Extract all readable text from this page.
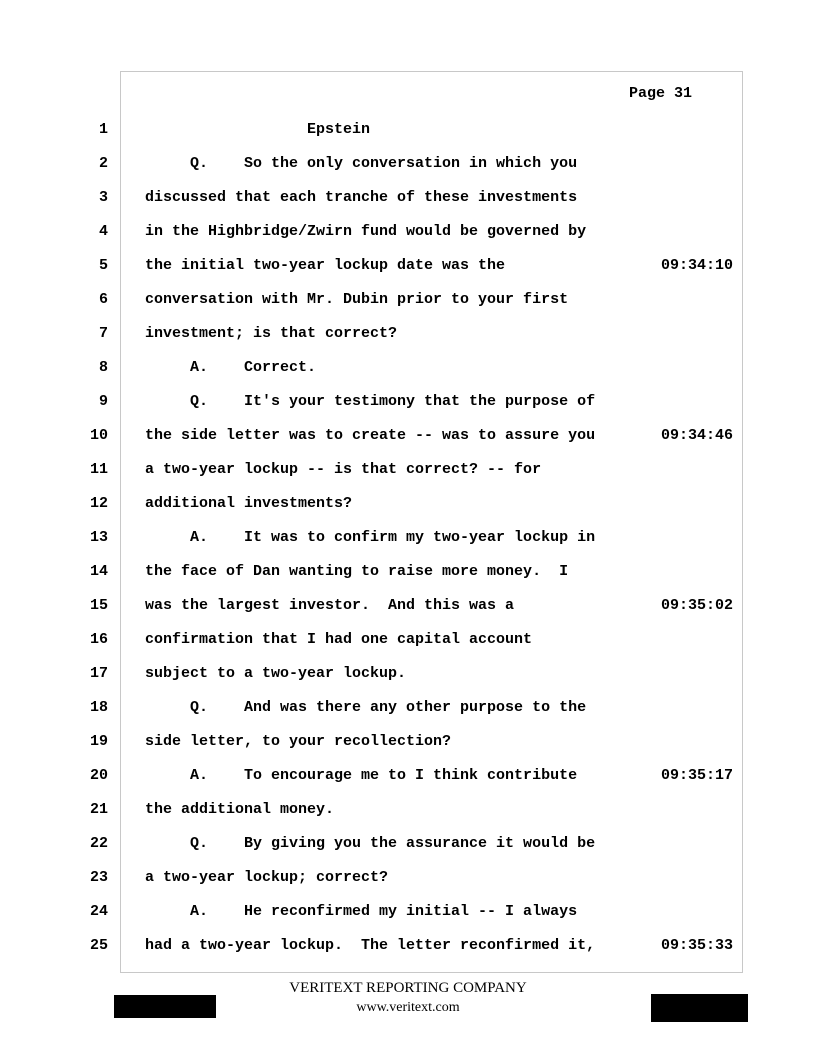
Page 31
1 Epstein
2 Q.    So the only conversation in which you
3 discussed that each tranche of these investments
4 in the Highbridge/Zwirn fund would be governed by
5 the initial two-year lockup date was the	09:34:10
6 conversation with Mr. Dubin prior to your first
7 investment; is that correct?
8 A.    Correct.
9 Q.    It's your testimony that the purpose of
10 the side letter was to create -- was to assure you	09:34:46
11 a two-year lockup -- is that correct? -- for
12 additional investments?
13 A.    It was to confirm my two-year lockup in
14 the face of Dan wanting to raise more money.  I
15 was the largest investor.  And this was a	09:35:02
16 confirmation that I had one capital account
17 subject to a two-year lockup.
18 Q.    And was there any other purpose to the
19 side letter, to your recollection?
20 A.    To encourage me to I think contribute	09:35:17
21 the additional money.
22 Q.    By giving you the assurance it would be
23 a two-year lockup; correct?
24 A.    He reconfirmed my initial -- I always
25 had a two-year lockup.  The letter reconfirmed it,	09:35:33
VERITEXT REPORTING COMPANY
www.veritext.com
